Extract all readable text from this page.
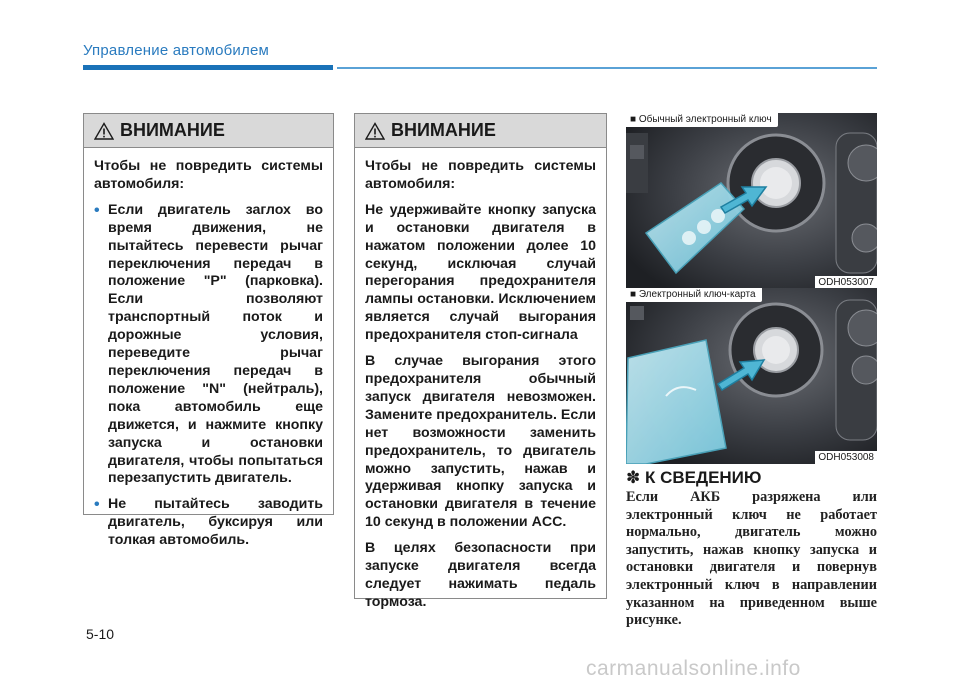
Управление автомобилем
ВНИМАНИЕ

Чтобы не повредить системы автомобиля:

• Если двигатель заглох во время движения, не пытайтесь перевести рычаг переключения передач в положение "P" (парковка). Если позволяют транспортный поток и дорожные условия, переведите рычаг переключения передач в положение "N" (нейтраль), пока автомобиль еще движется, и нажмите кнопку запуска и остановки двигателя, чтобы попытаться перезапустить двигатель.
• Не пытайтесь заводить двигатель, буксируя или толкая автомобиль.
ВНИМАНИЕ

Чтобы не повредить системы автомобиля:

Не удерживайте кнопку запуска и остановки двигателя в нажатом положении долее 10 секунд, исключая случай перегорания предохранителя лампы остановки. Исключением является случай выгорания предохранителя стоп-сигнала

В случае выгорания этого предохранителя обычный запуск двигателя невозможен. Замените предохранитель. Если нет возможности заменить предохранитель, то двигатель можно запустить, нажав и удерживая кнопку запуска и остановки двигателя в течение 10 секунд в положении ACC.

В целях безопасности при запуске двигателя всегда следует нажимать педаль тормоза.

■ Обычный электронный ключ
ODH053007
■ Электронный ключ-карта
ODH053008
✽ К СВЕДЕНИЮ
Если АКБ разряжена или электронный ключ не работает нормально, двигатель можно запустить, нажав кнопку запуска и остановки двигателя и повернув электронный ключ в направлении указанном на приведенном выше рисунке.
5-10
carmanualsonline.info
